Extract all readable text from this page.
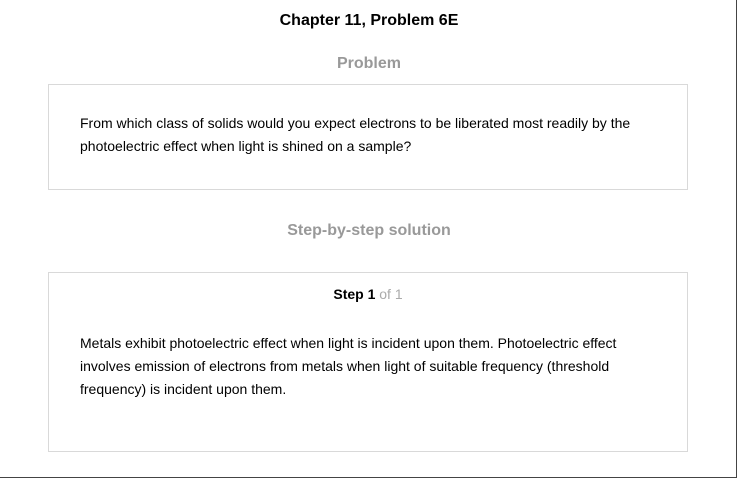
Chapter 11, Problem 6E
Problem
From which class of solids would you expect electrons to be liberated most readily by the photoelectric effect when light is shined on a sample?
Step-by-step solution
Step 1 of 1
Metals exhibit photoelectric effect when light is incident upon them. Photoelectric effect involves emission of electrons from metals when light of suitable frequency (threshold frequency) is incident upon them.
